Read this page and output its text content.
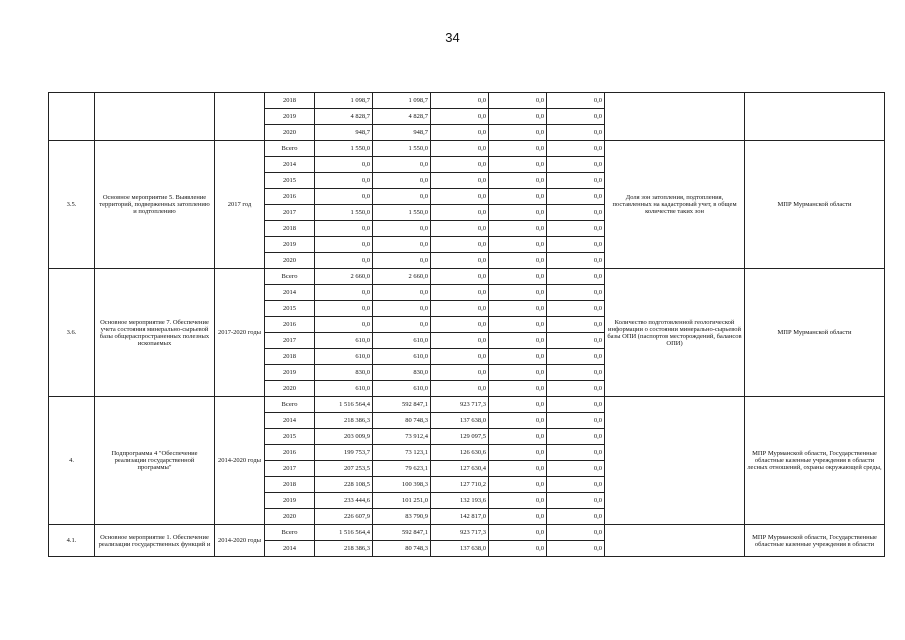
34
			2018	1 098,7	1 098,7	0,0	0,0	0,0		
			2019	4 828,7	4 828,7	0,0	0,0	0,0		
			2020	948,7	948,7	0,0	0,0	0,0		
3.5.	Основное мероприятие 5. Выявление территорий, подверженных затоплению и подтоплению	2017 год	Всего	1 550,0	1 550,0	0,0	0,0	0,0	Доля зон затопления, подтопления, поставленных на кадастровый учет, в общем количестве таких зон	МПР Мурманской области
			2014	0,0	0,0	0,0	0,0	0,0		
			2015	0,0	0,0	0,0	0,0	0,0		
			2016	0,0	0,0	0,0	0,0	0,0		
			2017	1 550,0	1 550,0	0,0	0,0	0,0		
			2018	0,0	0,0	0,0	0,0	0,0		
			2019	0,0	0,0	0,0	0,0	0,0		
			2020	0,0	0,0	0,0	0,0	0,0		
3.6.	Основное мероприятие 7. Обеспечение учета состояния минерально-сырьевой базы общераспространенных полезных ископаемых	2017-2020 годы	Всего	2 660,0	2 660,0	0,0	0,0	0,0	Количество подготовленной геологической информации о состоянии минерально-сырьевой базы ОПИ (паспортов месторождений, балансов ОПИ)	МПР Мурманской области
			2014	0,0	0,0	0,0	0,0	0,0		
			2015	0,0	0,0	0,0	0,0	0,0		
			2016	0,0	0,0	0,0	0,0	0,0		
			2017	610,0	610,0	0,0	0,0	0,0		
			2018	610,0	610,0	0,0	0,0	0,0		
			2019	830,0	830,0	0,0	0,0	0,0		
			2020	610,0	610,0	0,0	0,0	0,0		
4.	Подпрограмма 4 "Обеспечение реализации государственной программы"	2014-2020 годы	Всего	1 516 564,4	592 847,1	923 717,3	0,0	0,0		МПР Мурманской области, Государственные областные казенные учреждения в области лесных отношений, охраны окружающей среды,
			2014	218 386,3	80 748,3	137 638,0	0,0	0,0		
			2015	203 009,9	73 912,4	129 097,5	0,0	0,0		
			2016	199 753,7	73 123,1	126 630,6	0,0	0,0		
			2017	207 253,5	79 623,1	127 630,4	0,0	0,0		
			2018	228 108,5	100 398,3	127 710,2	0,0	0,0		
			2019	233 444,6	101 251,0	132 193,6	0,0	0,0		
			2020	226 607,9	83 790,9	142 817,0	0,0	0,0		
4.1.	Основное мероприятие 1. Обеспечение реализации государственных функций и	2014-2020 годы	Всего	1 516 564,4	592 847,1	923 717,3	0,0	0,0		МПР Мурманской области, Государственные областные казенные учреждения в области
			2014	218 386,3	80 748,3	137 638,0	0,0	0,0		
